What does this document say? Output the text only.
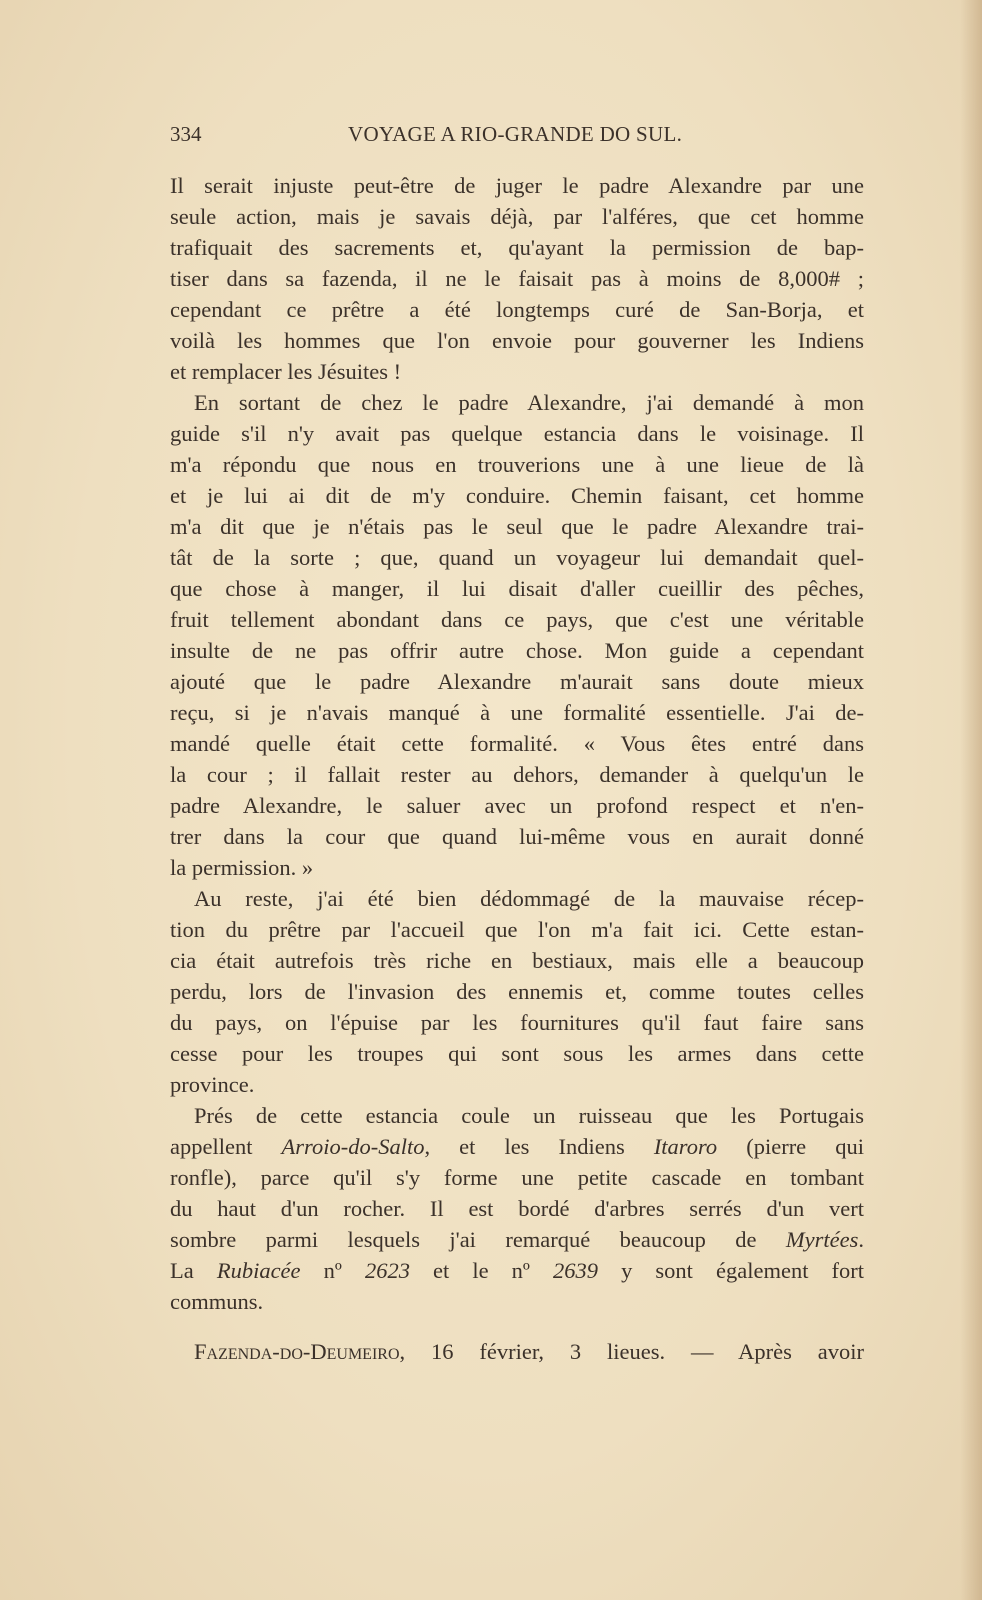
334	VOYAGE A RIO-GRANDE DO SUL.
Il serait injuste peut-être de juger le padre Alexandre par une
seule action, mais je savais déjà, par l'alféres, que cet homme
trafiquait des sacrements et, qu'ayant la permission de bap-
tiser dans sa fazenda, il ne le faisait pas à moins de 8,000# ;
cependant ce prêtre a été longtemps curé de San-Borja, et
voilà les hommes que l'on envoie pour gouverner les Indiens
et remplacer les Jésuites !
En sortant de chez le padre Alexandre, j'ai demandé à mon
guide s'il n'y avait pas quelque estancia dans le voisinage. Il
m'a répondu que nous en trouverions une à une lieue de là
et je lui ai dit de m'y conduire. Chemin faisant, cet homme
m'a dit que je n'étais pas le seul que le padre Alexandre trai-
tât de la sorte ; que, quand un voyageur lui demandait quel-
que chose à manger, il lui disait d'aller cueillir des pêches,
fruit tellement abondant dans ce pays, que c'est une véritable
insulte de ne pas offrir autre chose. Mon guide a cependant
ajouté que le padre Alexandre m'aurait sans doute mieux
reçu, si je n'avais manqué à une formalité essentielle. J'ai de-
mandé quelle était cette formalité. « Vous êtes entré dans
la cour ; il fallait rester au dehors, demander à quelqu'un le
padre Alexandre, le saluer avec un profond respect et n'en-
trer dans la cour que quand lui-même vous en aurait donné
la permission. »
Au reste, j'ai été bien dédommagé de la mauvaise récep-
tion du prêtre par l'accueil que l'on m'a fait ici. Cette estan-
cia était autrefois très riche en bestiaux, mais elle a beaucoup
perdu, lors de l'invasion des ennemis et, comme toutes celles
du pays, on l'épuise par les fournitures qu'il faut faire sans
cesse pour les troupes qui sont sous les armes dans cette
province.
Prés de cette estancia coule un ruisseau que les Portugais
appellent Arroio-do-Salto, et les Indiens Itaroro (pierre qui
ronfle), parce qu'il s'y forme une petite cascade en tombant
du haut d'un rocher. Il est bordé d'arbres serrés d'un vert
sombre parmi lesquels j'ai remarqué beaucoup de Myrtées.
La Rubiacée nº 2623 et le nº 2639 y sont également fort
communs.
Fazenda-do-Deumeiro, 16 février, 3 lieues. — Après avoir
